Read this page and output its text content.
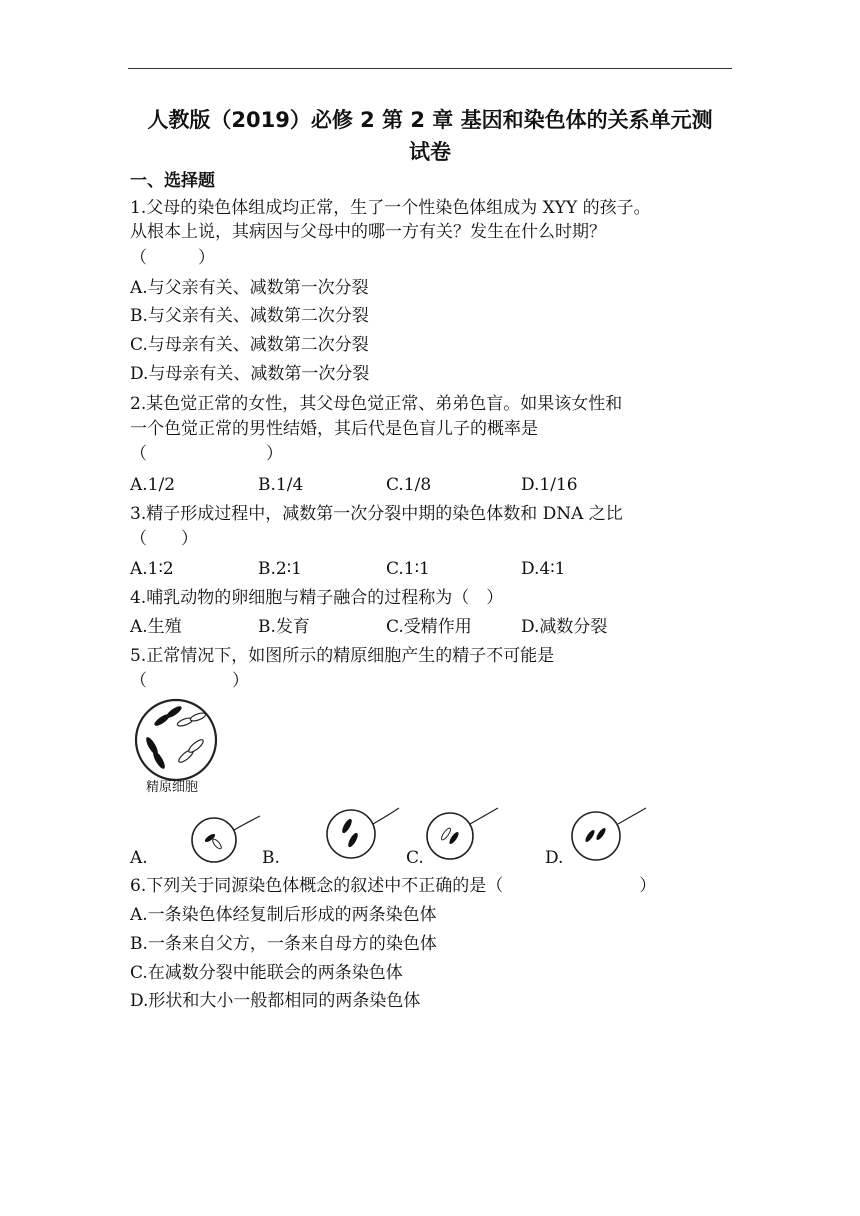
人教版（2019）必修 2 第 2 章 基因和染色体的关系单元测
试卷
一、选择题
1.父母的染色体组成均正常，生了一个性染色体组成为 XYY 的孩子。
从根本上说，其病因与父母中的哪一方有关？发生在什么时期？
（　　　）
A.与父亲有关、减数第一次分裂
B.与父亲有关、减数第二次分裂
C.与母亲有关、减数第二次分裂
D.与母亲有关、减数第一次分裂
2.某色觉正常的女性，其父母色觉正常、弟弟色盲。如果该女性和
一个色觉正常的男性结婚，其后代是色盲儿子的概率是
（　　　　　　　）
A.1/2	B.1/4	C.1/8	D.1/16
3.精子形成过程中，减数第一次分裂中期的染色体数和 DNA 之比
（　　）
A.1∶2	B.2∶1	C.1∶1	D.4∶1
4.哺乳动物的卵细胞与精子融合的过程称为（　）
A.生殖	B.发育	C.受精作用	D.减数分裂
5.正常情况下，如图所示的精原细胞产生的精子不可能是
（　　　　　）
精原细胞
A.	B.	C.	D.
6.下列关于同源染色体概念的叙述中不正确的是（　　　　　　　　）
A.一条染色体经复制后形成的两条染色体
B.一条来自父方，一条来自母方的染色体
C.在减数分裂中能联会的两条染色体
D.形状和大小一般都相同的两条染色体
